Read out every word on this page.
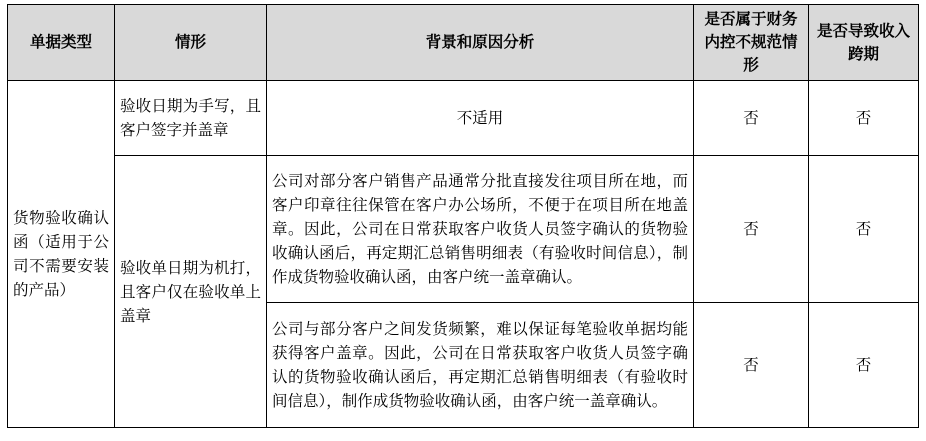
单据类型	情形	背景和原因分析	是否属于财务内控不规范情形	是否导致收入跨期
货物验收确认函（适用于公司不需要安装的产品）	验收日期为手写，且客户签字并盖章	不适用	否	否
	验收单日期为机打，且客户仅在验收单上盖章	公司对部分客户销售产品通常分批直接发往项目所在地，而客户印章往往保管在客户办公场所，不便于在项目所在地盖章。因此，公司在日常获取客户收货人员签字确认的货物验收确认函后，再定期汇总销售明细表（有验收时间信息），制作成货物验收确认函，由客户统一盖章确认。	否	否
		公司与部分客户之间发货频繁，难以保证每笔验收单据均能获得客户盖章。因此，公司在日常获取客户收货人员签字确认的货物验收确认函后，再定期汇总销售明细表（有验收时间信息），制作成货物验收确认函，由客户统一盖章确认。	否	否
